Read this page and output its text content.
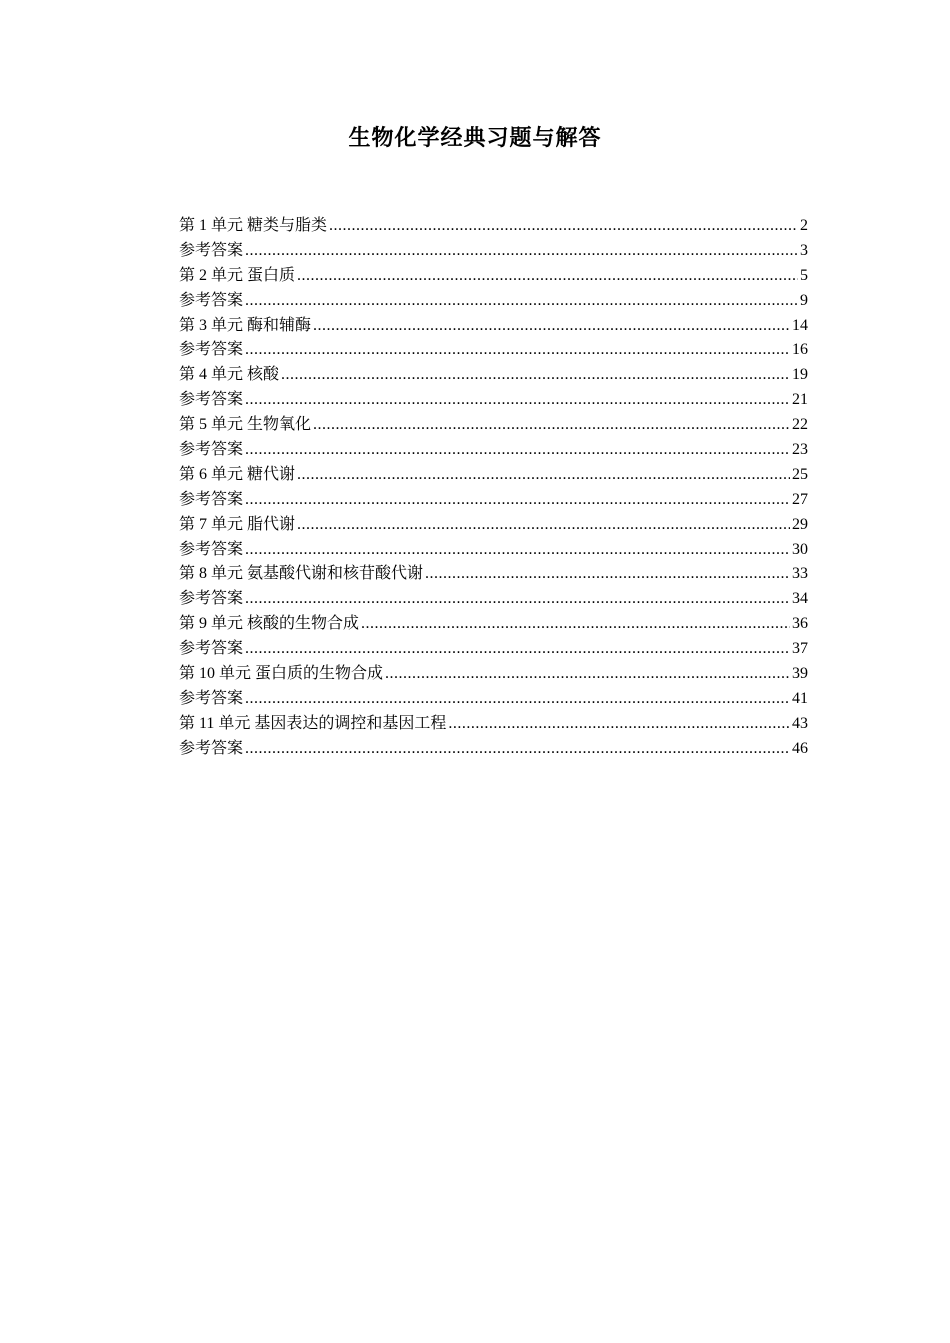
生物化学经典习题与解答
第 1 单元 糖类与脂类 .....	2
参考答案 .....	3
第 2 单元 蛋白质 .....	5
参考答案 .....	9
第 3 单元 酶和辅酶 .....	14
参考答案 .....	16
第 4 单元 核酸 .....	19
参考答案 .....	21
第 5 单元 生物氧化 .....	22
参考答案 .....	23
第 6 单元 糖代谢 .....	25
参考答案 .....	27
第 7 单元 脂代谢 .....	29
参考答案 .....	30
第 8 单元 氨基酸代谢和核苷酸代谢 .....	33
参考答案 .....	34
第 9 单元 核酸的生物合成 .....	36
参考答案 .....	37
第 10 单元 蛋白质的生物合成 .....	39
参考答案 .....	41
第 11 单元 基因表达的调控和基因工程 .....	43
参考答案 .....	46
